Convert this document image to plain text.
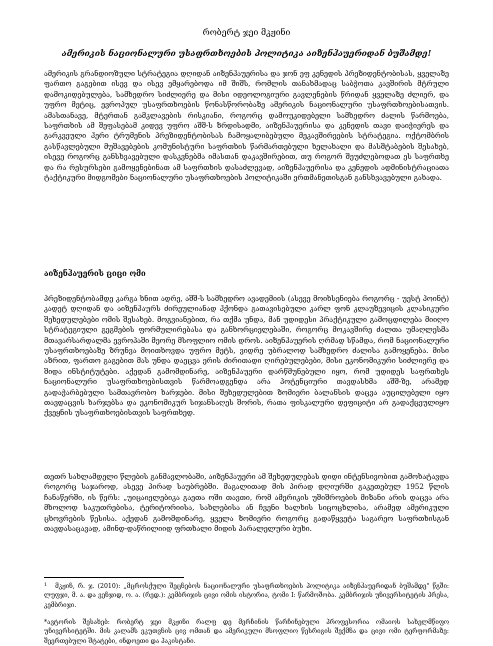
რობერტ ჯეი მკჟინი
ამერიკის ნაციონალური უსაფრთხოების პოლიტიკა აიზენჰაუერიდან ბუშამდე!

ამერიკის გრანდიოზული სტრატეგია დღიდან აიზენჰაუერისა და ჯონ ეფ კენედის პრეზიდენტობისას, ყველაზე ფართო გაგებით ისევ და ისევ ემყარებოდა იმ შიშს, რომლის თანახმადაც საბჭოთა კავშირის მტრული დამოკიდებულება, სამხედრო სიძლიერე და მისი იდეოლოგიური გავლენების წრიდან ყველაზე ძლიერ, და უფრო მეტიც, ევროპულ უსაფრთხოების წონასწორობაზე ამერიკის ნაციონალური უსაფრთხოებისათვის. ამასთანავე, მტერთან გამკლავების რისკიანი, როგორც დამოუკიდებელი სამხედრო ძალის წარმოება, საფრთხის ამ შეფასებამ კიდევ უფრო აშშ-ს ზრდისადმი, აიზენჰაუერისა და კენედის თავი დაიჭიერეს და გარკვეული ჰერი ტრუმენის პრეზიდენტობისას ჩამოყალიბებული მეკავშირეების სტრატეგია. ოქტომბრის გასწავლებული მუშავებების კომუნისტური საფრთხის წარმართებული ხელახალი და მასშტაბების შესახებ, ისევე როგორც განსხვავებული დასკვნებმა იმასთან დაკავშირებით, თუ როგორ შეუძლებოდათ ეს საფრთხე და რა რესურსები გამოყენებინათ ამ საფრთხის დასაძლევად, აიზენჰაუერისა და კენედის ადმინისტრაციათა ტაქტიკური მიდგომები ნაციონალური უსაფრთხოების პოლიტიკაში ერთმანეთისგან განსხვავებული გახადა.

აიზენჰაუერის ციცი ომი

პრეზიდენტობამდე კარგა ხნით ადრე, აშშ-ს სამხედრო ავადემიის (ასევე მოიხსენიება როგორც - უესტ პოინტ) კადეტ დღიდან და აიზენჰაურს ძირეულიანად ჰქონდა გათავისებული კარლ ფონ კლაუზევიცის კლასიკური შეხედულებები ომის შესახებ. მოგვიანებით, რა თქმა უნდა, მან უდიდესი პრაქტიკული გამოცდილება მიიღო სტრატეგიული გეგმების ფორმულირებასა და განხორციელებაში, როგორც მოკავშირე ძალთა უმაღლესმა მთავარსარდალმა ევროპაში მეორე მსოფლიო ომის დროს. აიზენჰაუერის ღრმად სწამდა, რომ ნაციონალური უსაფრთხოებაზე ზრუნვა მოითხოვდა უფრო მეტს, ვიდრე უბრალოდ სამხედრო ძალისა გამოყენება. მისი აზრით, ფართო გაგებით მას უნდა დაეცვა ერის ძირითადი ღირებულებები, მისი ეკონომიკური სიძლიერე და შიდა ინსტიტუტები. აქედან გამომდინარე, აიზენჰაუერი დარწმუნებული იყო, რომ უდიდეს საფრთხეს ნაციონალური უსაფრთხოებისთვის წარმოადგენდა არა პოტენციური თავდასხმა აშშ-ზე, არამედ გადაჭარბებული სამთავრობო ხარჯები. მისი შეხედულებით ზომიერი ბალანსის დაცვა აუცილებელი იყო თავდაცვის ხარჯებსა და ეკონომიკურ სიჯანსაღეს შორის, რათა ფისკალური დეფიციტი არ გადაქცეულიყო ქვეყნის უსაფრთხოებისთვის საფრთხედ.

თეთრ სახლამდელი წლების განმავლობაში, აიზენჰაუერი ამ შეხედულებას დიდი ინტენსივობით გამოხატავდა როგორც საჯაროდ, ასევე პირად საუბრებში. მაგალითად მის პირად დღიურში გაკეთებულ 1952 წლის ჩანაწერში, ის წერს: „უიცაიელებიკა გაეთა ოში თავთი, რომ ამერიკის უშიშროების მიზანი არის დაცვა არა მხოლოდ საკუთრებისა, ტერიტორიისა, სახლებისა ან ჩვენი ხალხის სიცოცხლისა, არამედ ამერიკული ცხოვრების წესისა. აქედან გამომდინარე, ყველა ზომიერი როგორც გადაწყვეტა საგარეო საფრთხისგან თავდასაცავად, ამინდ-დაწრილიიდ ფრთხალი მიდის პარალელური ბუხი.

$^1$ მკჟინ, რ. ჯ. (2010): „მცროსქული შეცნებოს ნაციონალური უსაფრთხოების პოლიტიკა აიზენჰაუერიდან ბუშამდე" წგში: ლუფჯი, მ. ა. და ვენჯიდ, ო. ა. (რედ.): კემბრიჯის ცივი ომის ისტორია, ტომი I: წარმოშობა. კემბრიჯის უნივერსიტეტის პრესა, კემბრიჯი.

*ავტორის შესახებ: რობერტ ჯეი მკჟინი რალფ დე მერჩინის წარჩინებული პროფესორია ომაიოს სახელმწიფო უნივერსიტეტში. მის კალამს ეკუთვნის ცივ ომთან და ამერიკული მსოფლიო წესრიგის შექმნა და ცივი ომი ტერფორმაზე: შეერთებული შტატები, ინდოეთი და პაკისტანი.
